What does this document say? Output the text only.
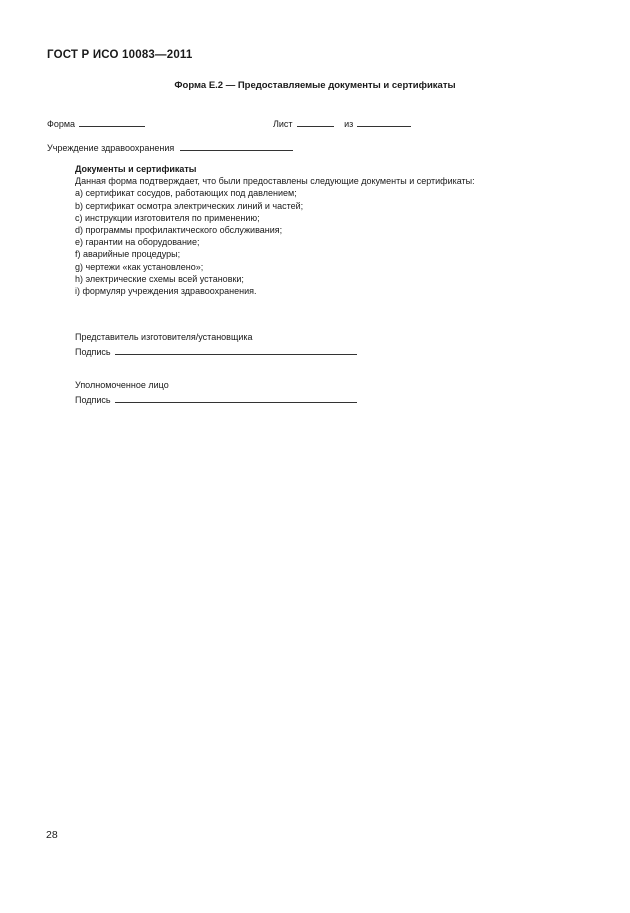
ГОСТ Р ИСО 10083—2011
Форма Е.2 — Предоставляемые документы и сертификаты
Форма	Лист	из
Учреждение здравоохранения
Документы и сертификаты
Данная форма подтверждает, что были предоставлены следующие документы и сертификаты:
а) сертификат сосудов, работающих под давлением;
b) сертификат осмотра электрических линий и частей;
c) инструкции изготовителя по применению;
d) программы профилактического обслуживания;
e) гарантии на оборудование;
f) аварийные процедуры;
g) чертежи «как установлено»;
h) электрические схемы всей установки;
i) формуляр учреждения здравоохранения.
Представитель изготовителя/установщика
Подпись
Уполномоченное лицо
Подпись
28
